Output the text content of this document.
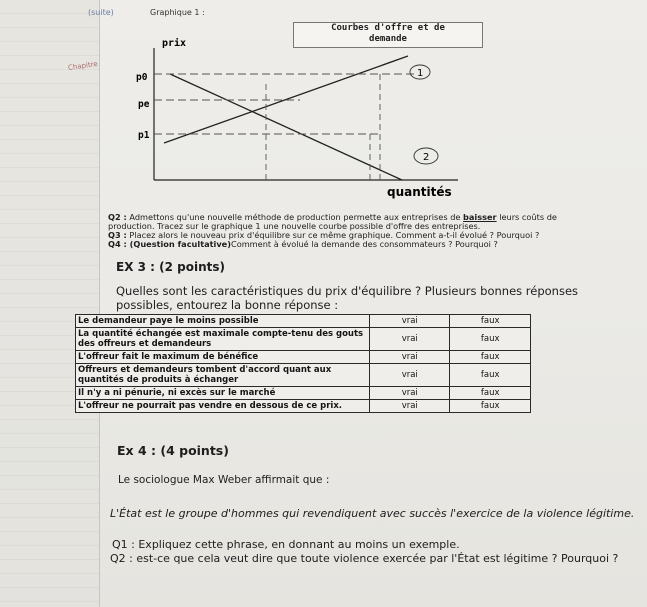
(suite)
Chapitre
Graphique 1 :
prix
p0
pe
p1
quantités
1
2
Courbes d'offre et de
demande
Q2 : Admettons qu'une nouvelle méthode de production permette aux entreprises de baisser leurs coûts de
production. Tracez sur le graphique 1 une nouvelle courbe possible d'offre des entreprises.
Q3 : Placez alors le nouveau prix d'équilibre sur ce même graphique. Comment a-t-il évolué ? Pourquoi ?
Q4 : (Question facultative)Comment à évolué la demande des consommateurs ? Pourquoi ?
EX 3 : (2 points)
Quelles sont les caractéristiques du prix d'équilibre ? Plusieurs bonnes réponses
possibles, entourez la bonne réponse :
Le demandeur paye le moins possible	vrai	faux
La quantité échangée est maximale compte-tenu des gouts des offreurs et demandeurs	vrai	faux
L'offreur fait le maximum de bénéfice	vrai	faux
Offreurs et demandeurs tombent d'accord quant aux quantités de produits à échanger	vrai	faux
Il n'y a ni pénurie, ni excès sur le marché	vrai	faux
L'offreur ne pourrait pas vendre en dessous de ce prix.	vrai	faux
Ex 4 : (4 points)
Le sociologue Max Weber affirmait que :
L'État est le groupe d'hommes qui revendiquent avec succès l'exercice de la violence légitime.
Q1 : Expliquez cette phrase, en donnant au moins un exemple.
Q2 : est-ce que cela veut dire que toute violence exercée par l'État est légitime ? Pourquoi ?
